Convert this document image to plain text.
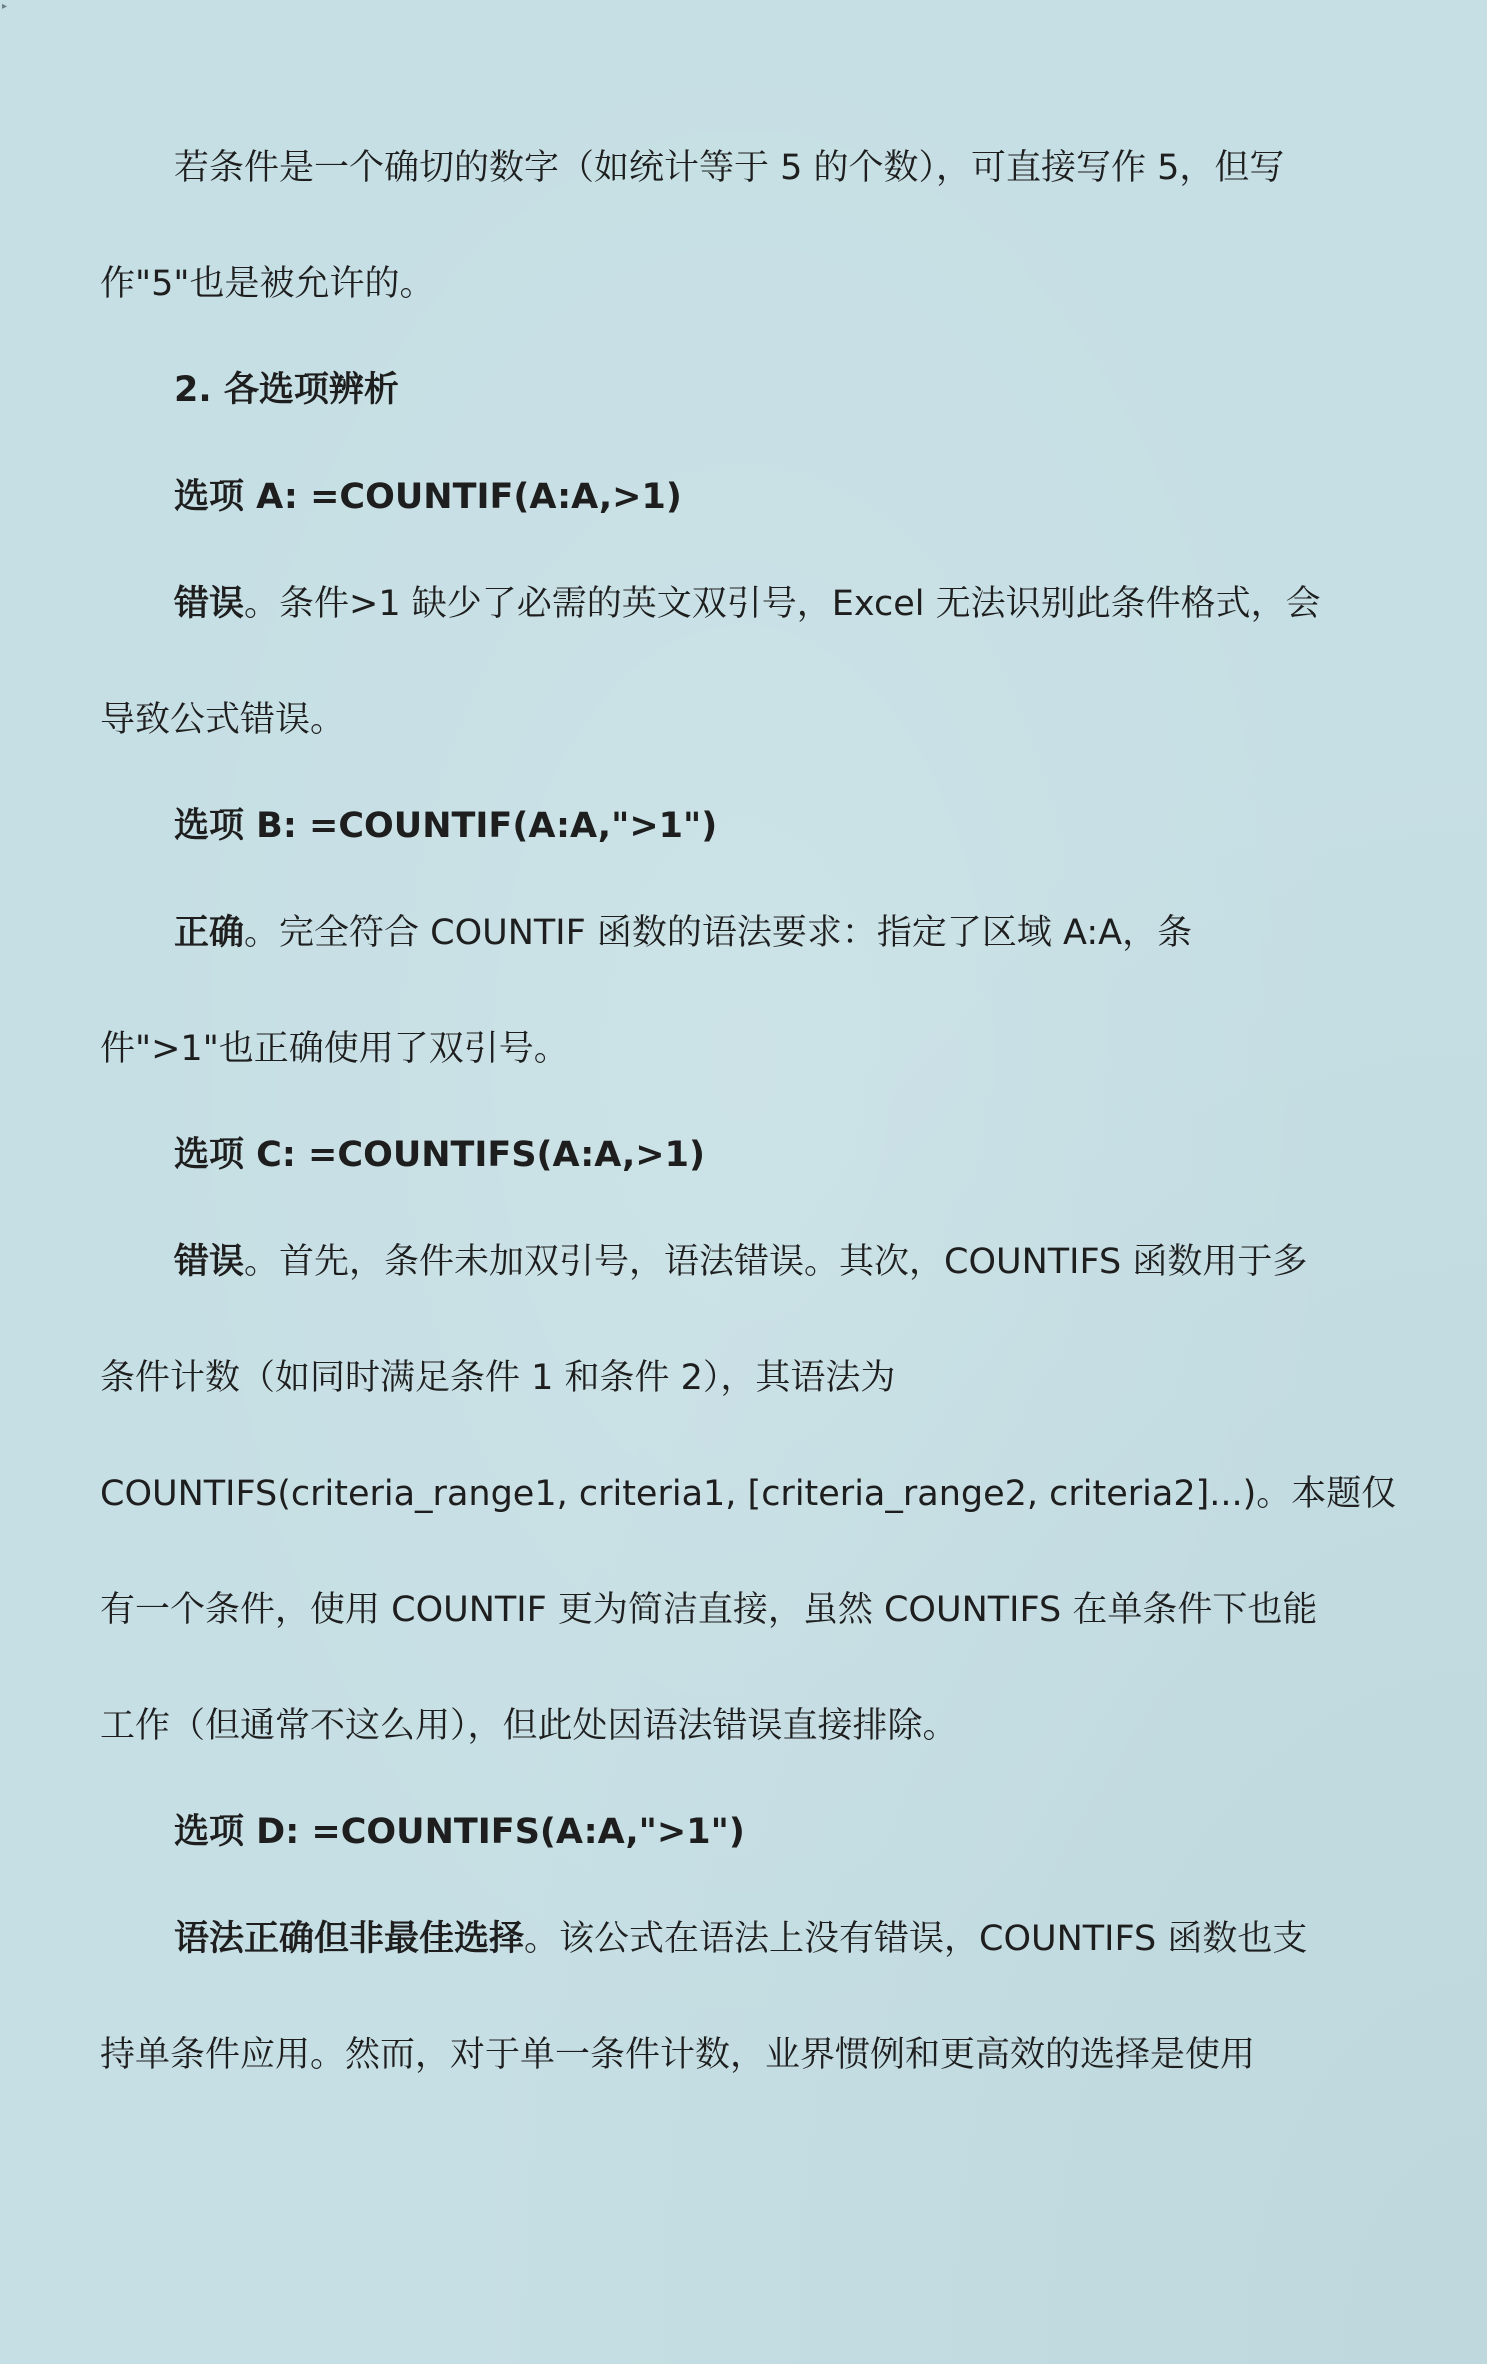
▸
若条件是一个确切的数字（如统计等于 5 的个数），可直接写作 5，但写
作"5"也是被允许的。
2. 各选项辨析
选项 A: =COUNTIF(A:A,>1)
错误。条件>1 缺少了必需的英文双引号，Excel 无法识别此条件格式，会
导致公式错误。
选项 B: =COUNTIF(A:A,">1")
正确。完全符合 COUNTIF 函数的语法要求：指定了区域 A:A，条
件">1"也正确使用了双引号。
选项 C: =COUNTIFS(A:A,>1)
错误。首先，条件未加双引号，语法错误。其次，COUNTIFS 函数用于多
条件计数（如同时满足条件 1 和条件 2），其语法为
COUNTIFS(criteria_range1, criteria1, [criteria_range2, criteria2]...)。本题仅
有一个条件，使用 COUNTIF 更为简洁直接，虽然 COUNTIFS 在单条件下也能
工作（但通常不这么用），但此处因语法错误直接排除。
选项 D: =COUNTIFS(A:A,">1")
语法正确但非最佳选择。该公式在语法上没有错误，COUNTIFS 函数也支
持单条件应用。然而，对于单一条件计数，业界惯例和更高效的选择是使用
